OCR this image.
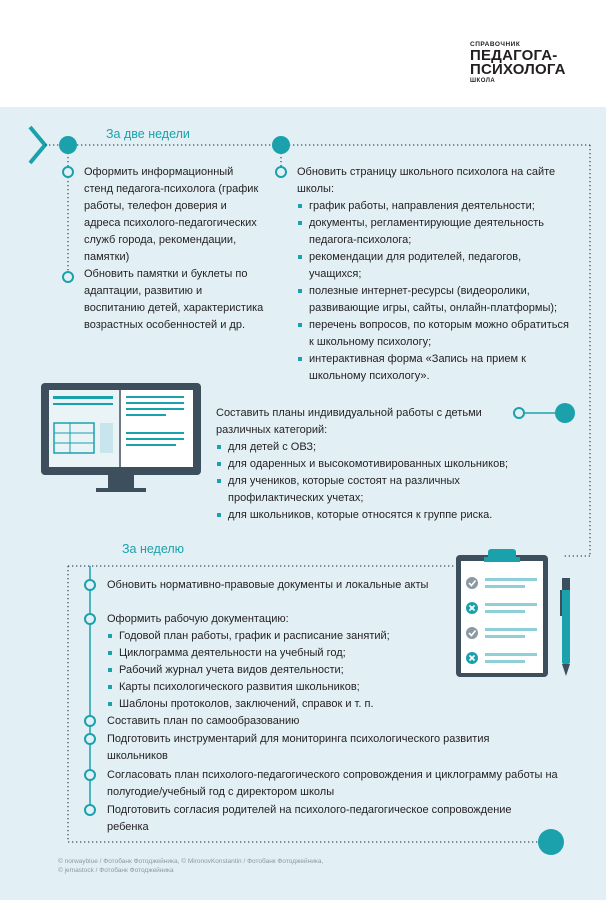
СПРАВОЧНИК
ПЕДАГОГА-
ПСИХОЛОГА
ШКОЛА
За две недели

Оформить информационный стенд педагога-психолога (график работы, телефон доверия и адреса психолого-педагогических служб города, рекомендации, памятки)

Обновить памятки и буклеты по адаптации, развитию и воспитанию детей, характеристика возрастных особенностей и др.

Обновить страницу школьного психолога на сайте школы:

график работы, направления деятельности;

документы, регламентирующие деятельность педагога-психолога;

рекомендации для родителей, педагогов, учащихся;

полезные интернет-ресурсы (видеоролики, развивающие игры, сайты, онлайн-платформы);

перечень вопросов, по которым можно обратиться к школьному психологу;

интерактивная форма «Запись на прием к школьному психологу».

Составить планы индивидуальной работы с детьми различных категорий:

для детей с ОВЗ;

для одаренных и высокомотивированных школьников;

для учеников, которые состоят на различных профилактических учетах;

для школьников, которые относятся к группе риска.

За неделю
Обновить нормативно-правовые документы и локальные акты

Оформить рабочую документацию:

Годовой план работы, график и расписание занятий;

Циклограмма деятельности на учебный год;

Рабочий журнал учета видов деятельности;

Карты психологического развития школьников;

Шаблоны протоколов, заключений, справок и т. п.

Составить план по самообразованию
Подготовить инструментарий для мониторинга психологического развития школьников
Согласовать план психолого-педагогического сопровождения и циклограмму работы на полугодие/учебный год с директором школы
Подготовить согласия родителей на психолого-педагогическое сопровождение ребенка
© norwayblue / Фотобанк Фотоджейника, © MironovKonstantin / Фотобанк Фотоджейника,
© jemastock / Фотобанк Фотоджейника
